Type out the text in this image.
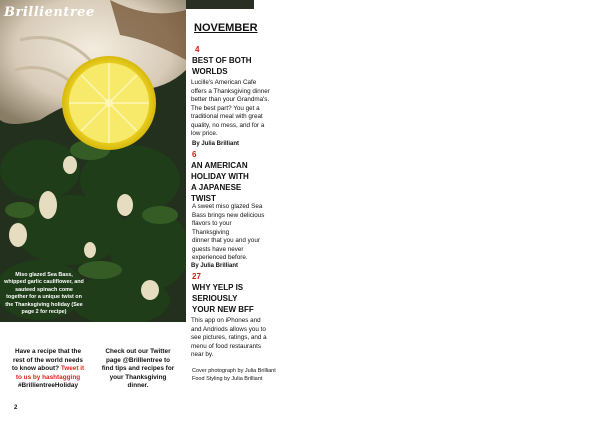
Brillientree
Miso glazed Sea Bass, whipped garlic cauliflower, and sauteed spinach come together for a unique twist on the Thanksgiving holiday (See page 2 for recipe)
NOVEMBER
4
BEST OF BOTH
WORLDS
Lucille's American Cafe
offers a Thanksgiving dinner
better than your Grandma's.
The best part? You get a
traditional meal with great
quality, no mess, and for a
low price.
By Julia Brilliant
6
AN AMERICAN
HOLIDAY WITH
A JAPANESE
TWIST
A sweet miso glazed Sea
Bass brings new delicious
flavors to your
Thanksgiving
dinner that you and your
guests have never
experienced before.
By Julia Brilliant
27
WHY YELP IS
SERIOUSLY
YOUR NEW BFF
This app on iPhones and
and Andriods allows you to
see pictures, ratings, and a
menu of food restaurants
near by.
Cover photograph by Julia Brilliant
Food Styling by Julia Brilliant
Have a recipe that the
rest of the world needs
to know about? Tweet it
to us by hashtagging
#BrillientreeHoliday
Check out our Twitter
page @Brilllentree to
find tips and recipes for
your Thanksgiving
dinner.
2
